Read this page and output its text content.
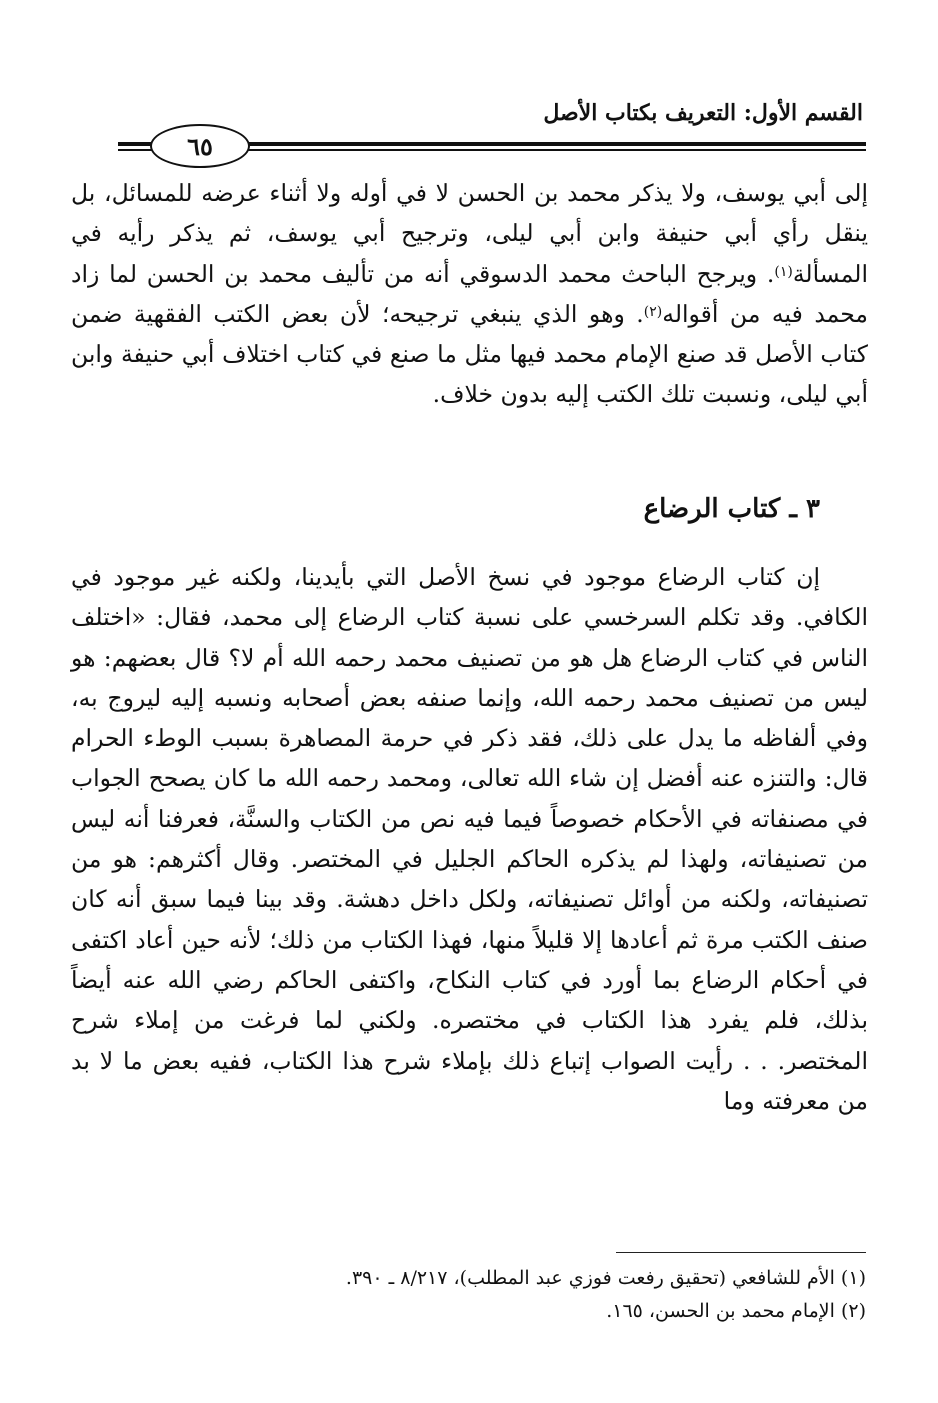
القسم الأول: التعريف بكتاب الأصل
٦٥

إلى أبي يوسف، ولا يذكر محمد بن الحسن لا في أوله ولا أثناء عرضه للمسائل، بل ينقل رأي أبي حنيفة وابن أبي ليلى، وترجيح أبي يوسف، ثم يذكر رأيه في المسألة$^{(١)}$. ويرجح الباحث محمد الدسوقي أنه من تأليف محمد بن الحسن لما زاد محمد فيه من أقواله$^{(٢)}$. وهو الذي ينبغي ترجيحه؛ لأن بعض الكتب الفقهية ضمن كتاب الأصل قد صنع الإمام محمد فيها مثل ما صنع في كتاب اختلاف أبي حنيفة وابن أبي ليلى، ونسبت تلك الكتب إليه بدون خلاف.

٣ ـ كتاب الرضاع

إن كتاب الرضاع موجود في نسخ الأصل التي بأيدينا، ولكنه غير موجود في الكافي. وقد تكلم السرخسي على نسبة كتاب الرضاع إلى محمد، فقال: «اختلف الناس في كتاب الرضاع هل هو من تصنيف محمد رحمه الله أم لا؟ قال بعضهم: هو ليس من تصنيف محمد رحمه الله، وإنما صنفه بعض أصحابه ونسبه إليه ليروج به، وفي ألفاظه ما يدل على ذلك، فقد ذكر في حرمة المصاهرة بسبب الوطء الحرام قال: والتنزه عنه أفضل إن شاء الله تعالى، ومحمد رحمه الله ما كان يصحح الجواب في مصنفاته في الأحكام خصوصاً فيما فيه نص من الكتاب والسنَّة، فعرفنا أنه ليس من تصنيفاته، ولهذا لم يذكره الحاكم الجليل في المختصر. وقال أكثرهم: هو من تصنيفاته، ولكنه من أوائل تصنيفاته، ولكل داخل دهشة. وقد بينا فيما سبق أنه كان صنف الكتب مرة ثم أعادها إلا قليلاً منها، فهذا الكتاب من ذلك؛ لأنه حين أعاد اكتفى في أحكام الرضاع بما أورد في كتاب النكاح، واكتفى الحاكم رضي الله عنه أيضاً بذلك، فلم يفرد هذا الكتاب في مختصره. ولكني لما فرغت من إملاء شرح المختصر. . . رأيت الصواب إتباع ذلك بإملاء شرح هذا الكتاب، ففيه بعض ما لا بد من معرفته وما

(١) الأم للشافعي (تحقيق رفعت فوزي عبد المطلب)، ٨/٢١٧ ـ ٣٩٠.
(٢) الإمام محمد بن الحسن، ١٦٥.
